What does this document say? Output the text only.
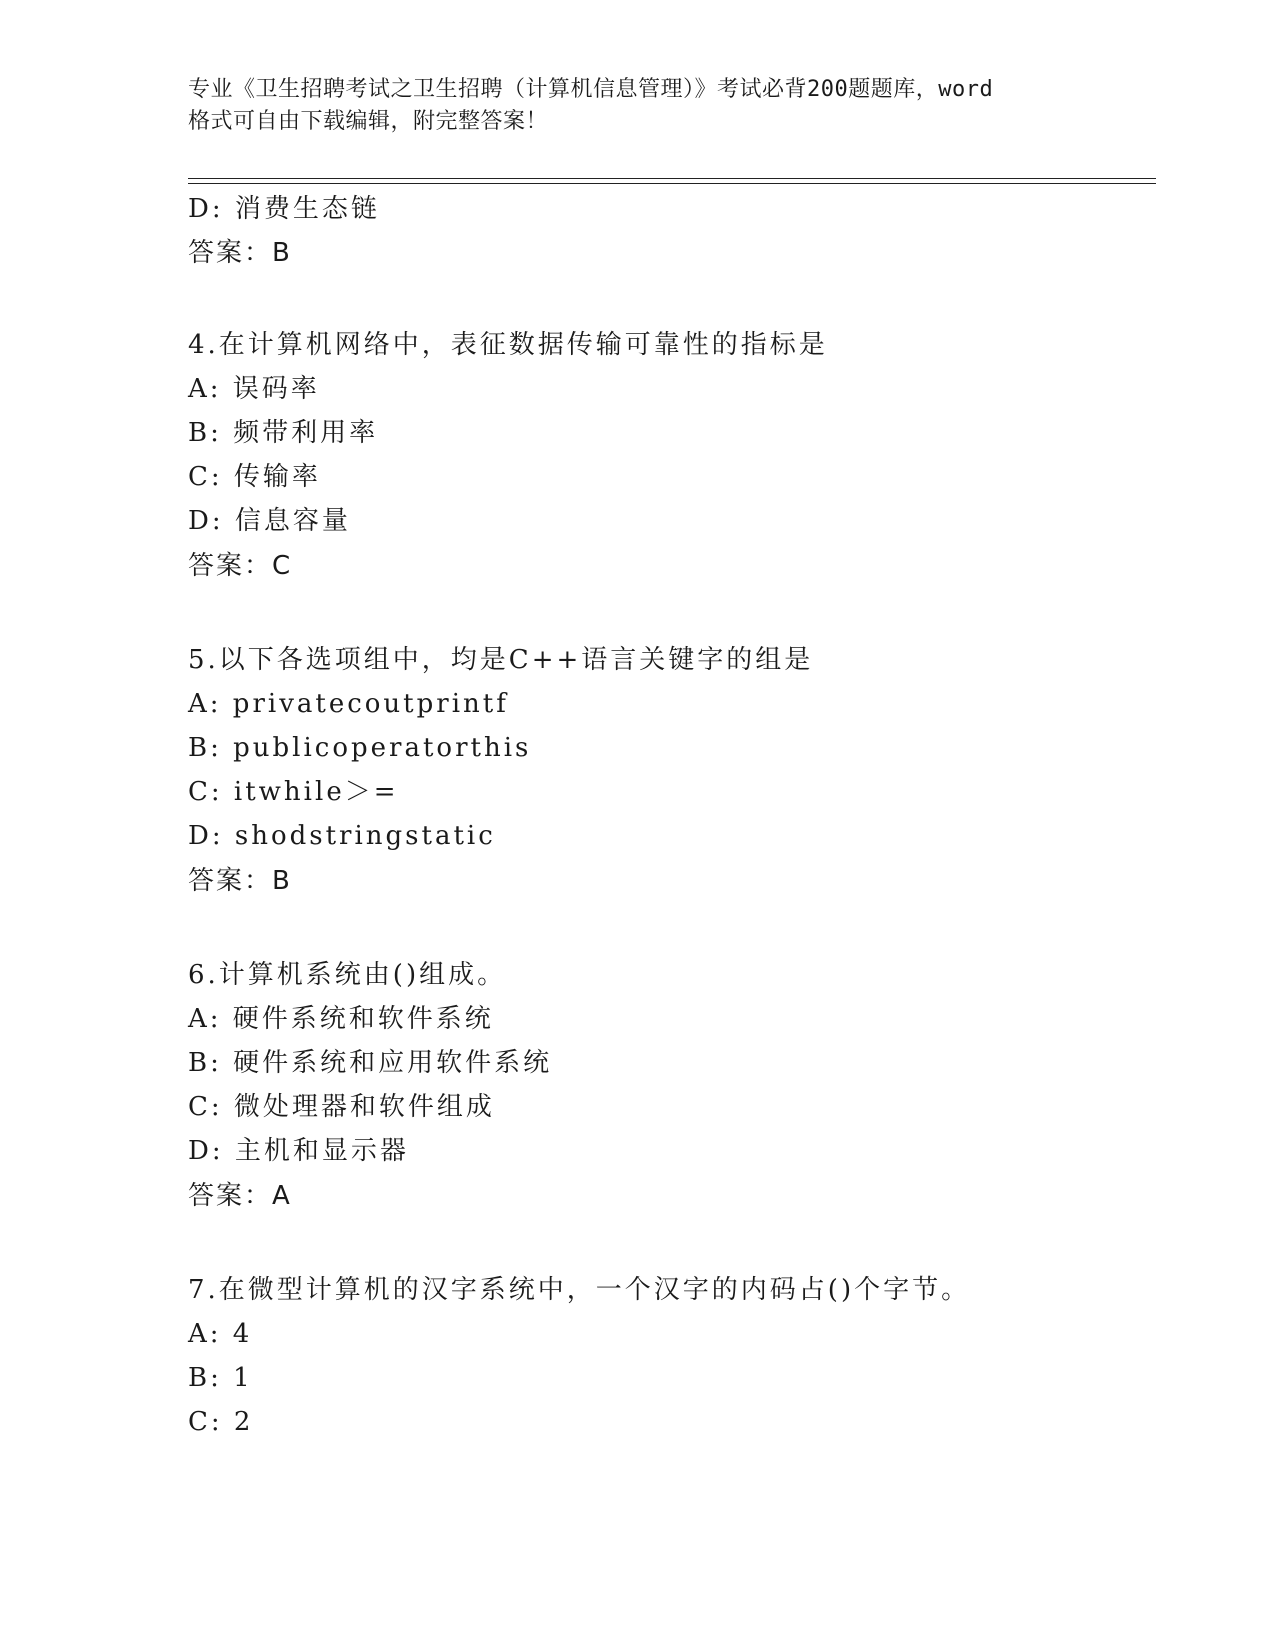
专业《卫生招聘考试之卫生招聘（计算机信息管理）》考试必背200题题库，word
格式可自由下载编辑，附完整答案！
D: 消费生态链
答案：B
4.在计算机网络中，表征数据传输可靠性的指标是
A: 误码率
B: 频带利用率
C: 传输率
D: 信息容量
答案：C
5.以下各选项组中，均是C++语言关键字的组是
A: privatecoutprintf
B: publicoperatorthis
C: itwhile＞=
D: shodstringstatic
答案：B
6.计算机系统由()组成。
A: 硬件系统和软件系统
B: 硬件系统和应用软件系统
C: 微处理器和软件组成
D: 主机和显示器
答案：A
7.在微型计算机的汉字系统中，一个汉字的内码占()个字节。
A: 4
B: 1
C: 2
